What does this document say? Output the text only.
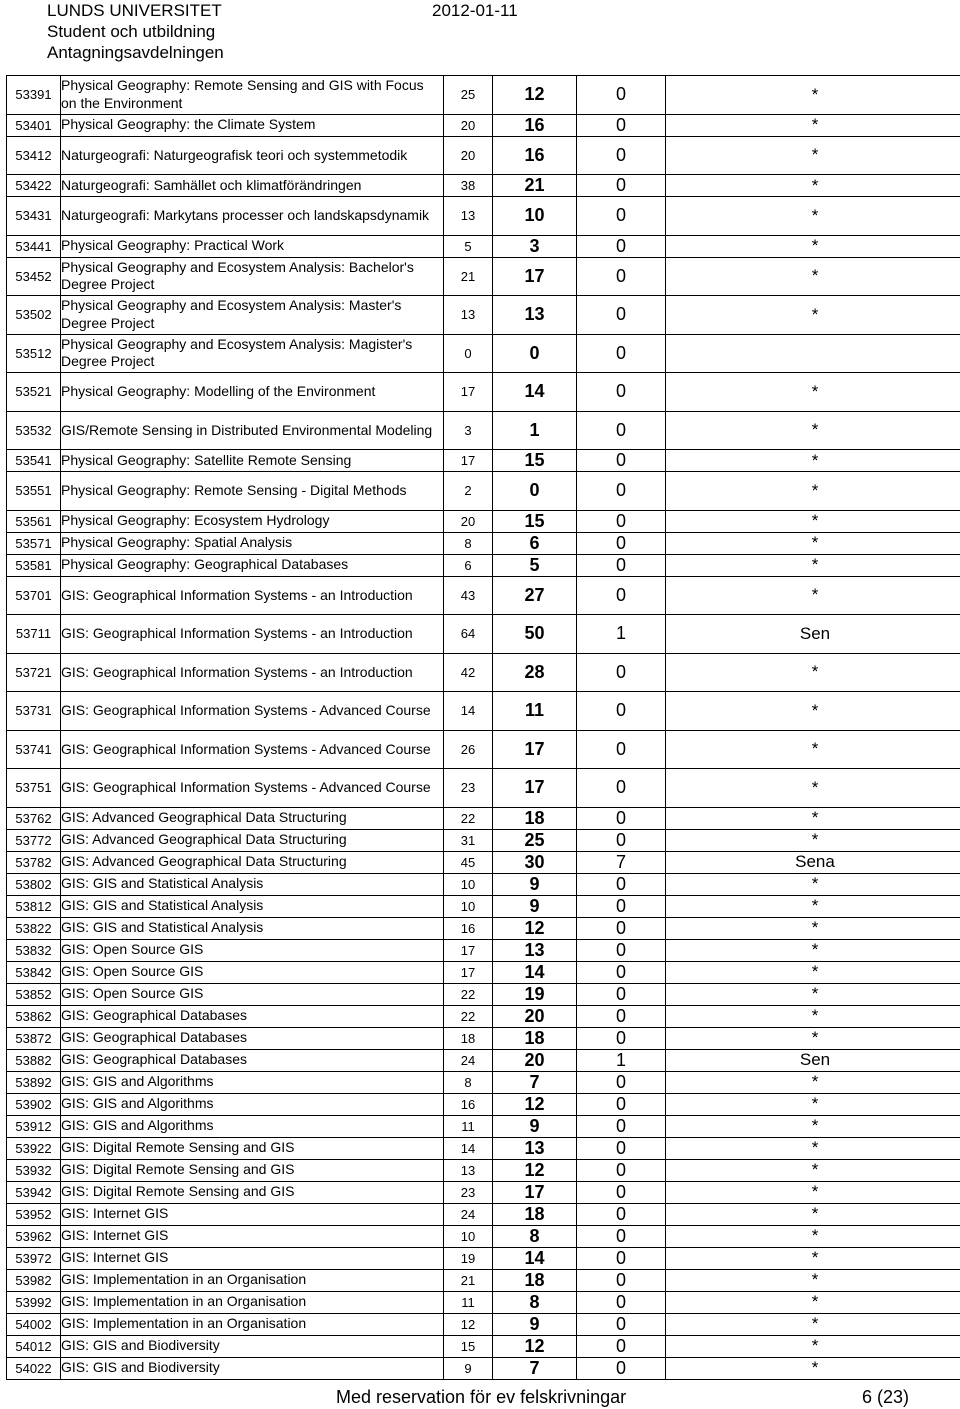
LUNDS UNIVERSITET
Student och utbildning
Antagningsavdelningen
2012-01-11
53391	Physical Geography: Remote Sensing and GIS with Focus on the Environment	25	12	0	*
53401	Physical Geography: the Climate System	20	16	0	*
53412	Naturgeografi: Naturgeografisk teori och systemmetodik	20	16	0	*
53422	Naturgeografi: Samhället och klimatförändringen	38	21	0	*
53431	Naturgeografi: Markytans processer och landskapsdynamik	13	10	0	*
53441	Physical Geography: Practical Work	5	3	0	*
53452	Physical Geography and Ecosystem Analysis: Bachelor's Degree Project	21	17	0	*
53502	Physical Geography and Ecosystem Analysis: Master's Degree Project	13	13	0	*
53512	Physical Geography and Ecosystem Analysis: Magister's Degree Project	0	0	0	
53521	Physical Geography: Modelling of the Environment	17	14	0	*
53532	GIS/Remote Sensing in Distributed Environmental Modeling	3	1	0	*
53541	Physical Geography: Satellite Remote Sensing	17	15	0	*
53551	Physical Geography: Remote Sensing - Digital Methods	2	0	0	*
53561	Physical Geography: Ecosystem Hydrology	20	15	0	*
53571	Physical Geography: Spatial Analysis	8	6	0	*
53581	Physical Geography: Geographical Databases	6	5	0	*
53701	GIS: Geographical Information Systems - an Introduction	43	27	0	*
53711	GIS: Geographical Information Systems - an Introduction	64	50	1	Sen
53721	GIS: Geographical Information Systems - an Introduction	42	28	0	*
53731	GIS: Geographical Information Systems - Advanced Course	14	11	0	*
53741	GIS: Geographical Information Systems - Advanced Course	26	17	0	*
53751	GIS: Geographical Information Systems - Advanced Course	23	17	0	*
53762	GIS: Advanced Geographical Data Structuring	22	18	0	*
53772	GIS: Advanced Geographical Data Structuring	31	25	0	*
53782	GIS: Advanced Geographical Data Structuring	45	30	7	Sena
53802	GIS: GIS and Statistical Analysis	10	9	0	*
53812	GIS: GIS and Statistical Analysis	10	9	0	*
53822	GIS: GIS and Statistical Analysis	16	12	0	*
53832	GIS: Open Source GIS	17	13	0	*
53842	GIS: Open Source GIS	17	14	0	*
53852	GIS: Open Source GIS	22	19	0	*
53862	GIS: Geographical Databases	22	20	0	*
53872	GIS: Geographical Databases	18	18	0	*
53882	GIS: Geographical Databases	24	20	1	Sen
53892	GIS: GIS and Algorithms	8	7	0	*
53902	GIS: GIS and Algorithms	16	12	0	*
53912	GIS: GIS and Algorithms	11	9	0	*
53922	GIS: Digital Remote Sensing and GIS	14	13	0	*
53932	GIS: Digital Remote Sensing and GIS	13	12	0	*
53942	GIS: Digital Remote Sensing and GIS	23	17	0	*
53952	GIS: Internet GIS	24	18	0	*
53962	GIS: Internet GIS	10	8	0	*
53972	GIS: Internet GIS	19	14	0	*
53982	GIS: Implementation in an Organisation	21	18	0	*
53992	GIS: Implementation in an Organisation	11	8	0	*
54002	GIS: Implementation in an Organisation	12	9	0	*
54012	GIS: GIS and Biodiversity	15	12	0	*
54022	GIS: GIS and Biodiversity	9	7	0	*
Med reservation för ev felskrivningar	6 (23)
